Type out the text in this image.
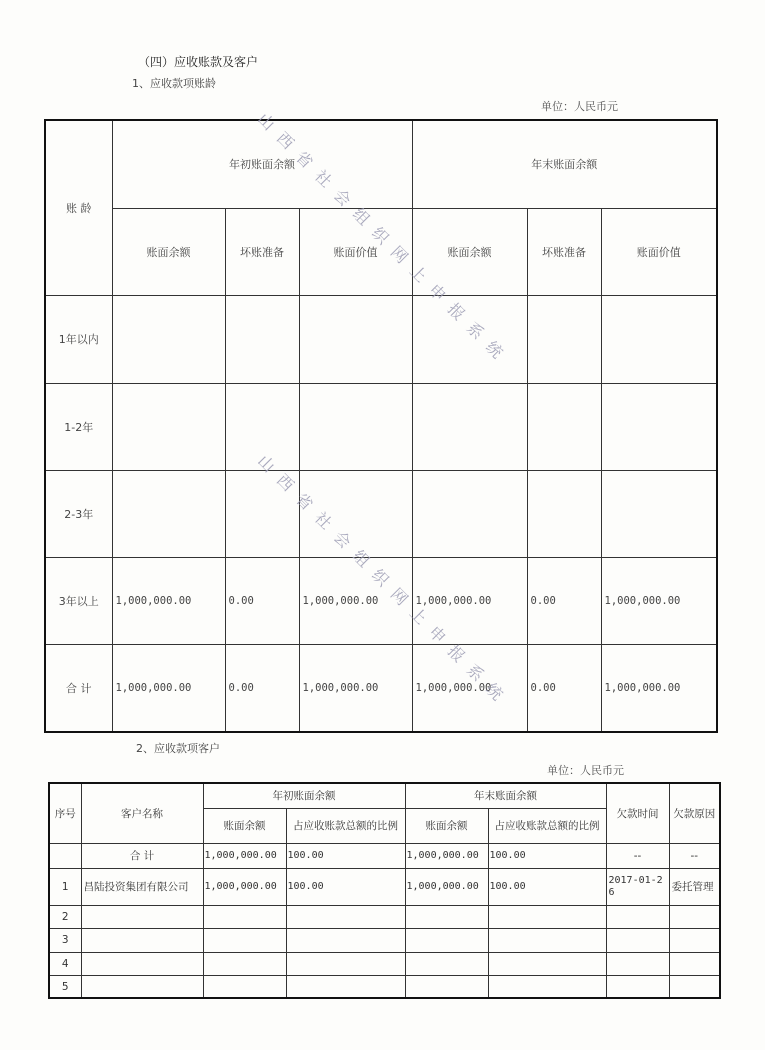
（四）应收账款及客户
1、应收款项账龄
单位：人民币元
账 龄	年初账面余额			年末账面余额		
	账面余额	坏账准备	账面价值	账面余额	坏账准备	账面价值
1年以内						
1-2年						
2-3年						
3年以上	1,000,000.00	0.00	1,000,000.00	1,000,000.00	0.00	1,000,000.00
合 计	1,000,000.00	0.00	1,000,000.00	1,000,000.00	0.00	1,000,000.00
2、应收款项客户
单位：人民币元
序号	客户名称	年初账面余额		年末账面余额		欠款时间	欠款原因
		账面余额	占应收账款总额的比例	账面余额	占应收账款总额的比例		
	合 计	1,000,000.00	100.00	1,000,000.00	100.00	--	--
1	昌陆投资集团有限公司	1,000,000.00	100.00	1,000,000.00	100.00	2017-01-26	委托管理
2							
3							
4							
5							
山
西
省
社
会
组
织
网
上
申
报
系
统
山
西
省
社
会
组
织
网
上
申
报
系
统
